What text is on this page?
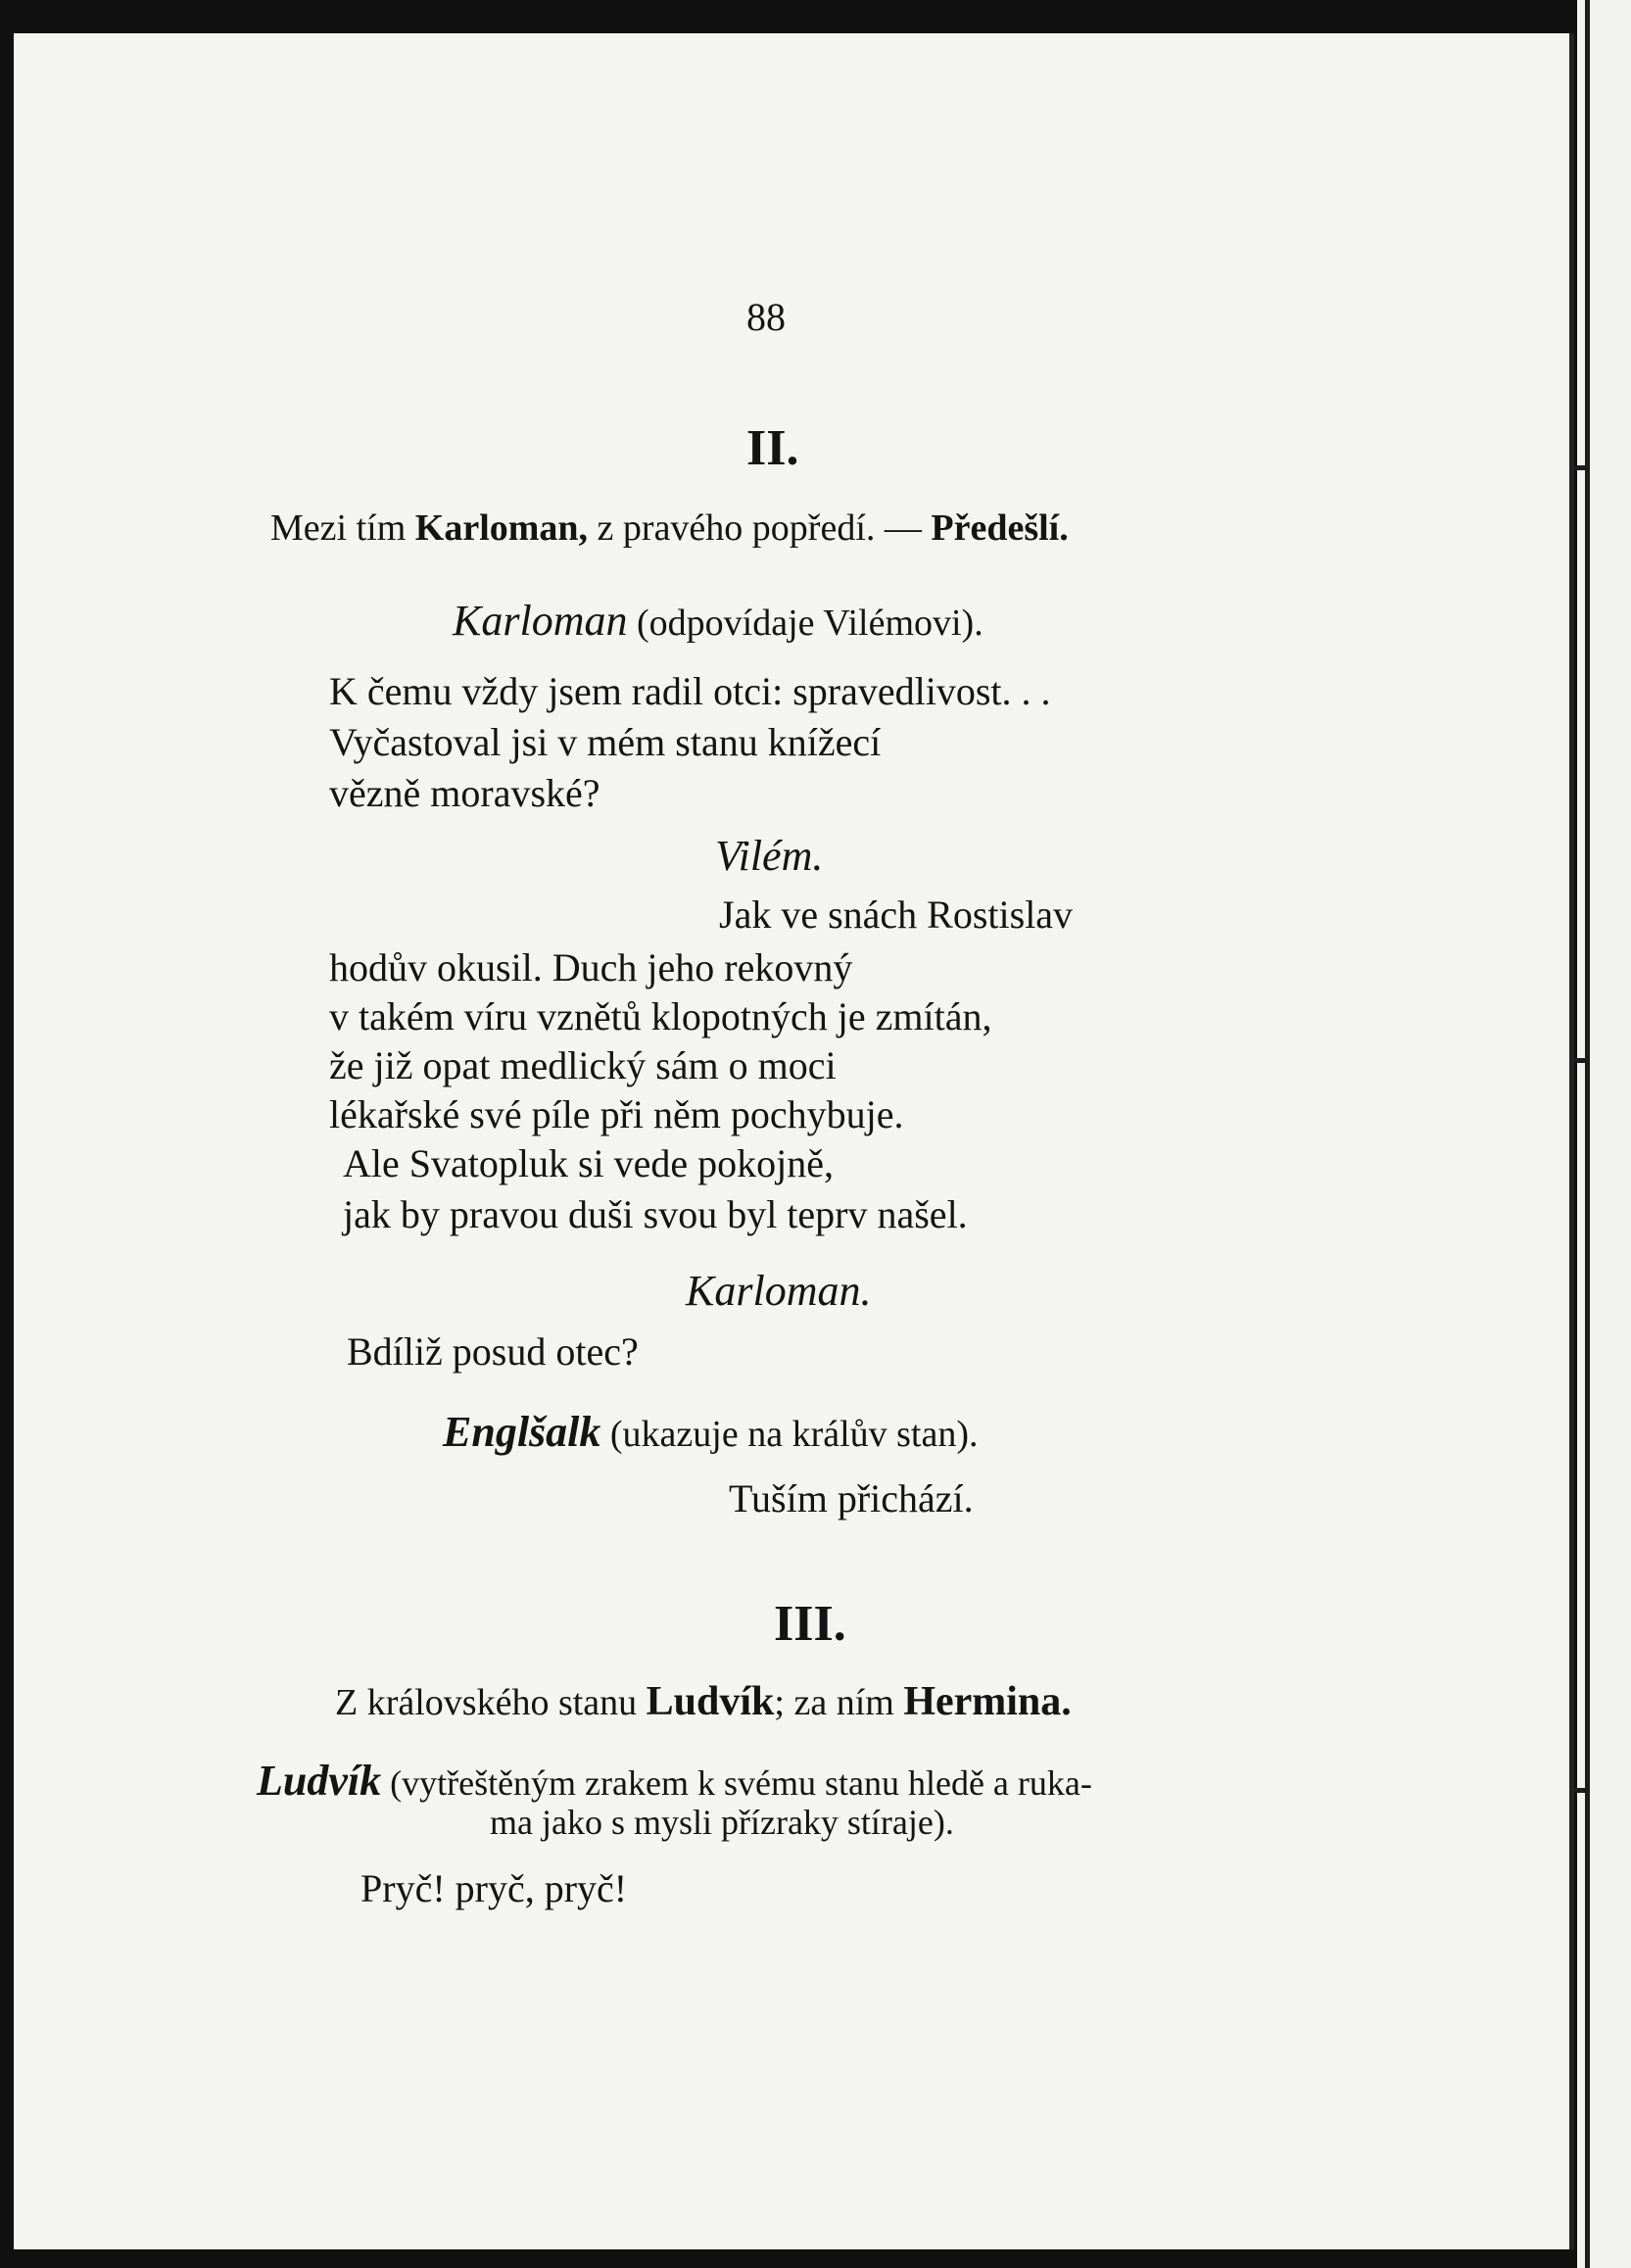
88
II.
Mezi tím Karloman, z pravého popředí. — Předešlí.
Karloman (odpovídaje Vilémovi).
K čemu vždy jsem radil otci: spravedlivost. . .
Vyčastoval jsi v mém stanu knížecí
vězně moravské?
Vilém.
Jak ve snách Rostislav
hodův okusil. Duch jeho rekovný
v takém víru vznětů klopotných je zmítán,
že již opat medlický sám o moci
lékařské své píle při něm pochybuje.
Ale Svatopluk si vede pokojně,
jak by pravou duši svou byl teprv našel.
Karloman.
Bdíliž posud otec?
Englšalk (ukazuje na králův stan).
Tuším přichází.
III.
Z královského stanu Ludvík; za ním Hermina.
Ludvík (vytřeštěným zrakem k svému stanu hledě a ruka-
ma jako s mysli přízraky stíraje).
Pryč! pryč, pryč!
